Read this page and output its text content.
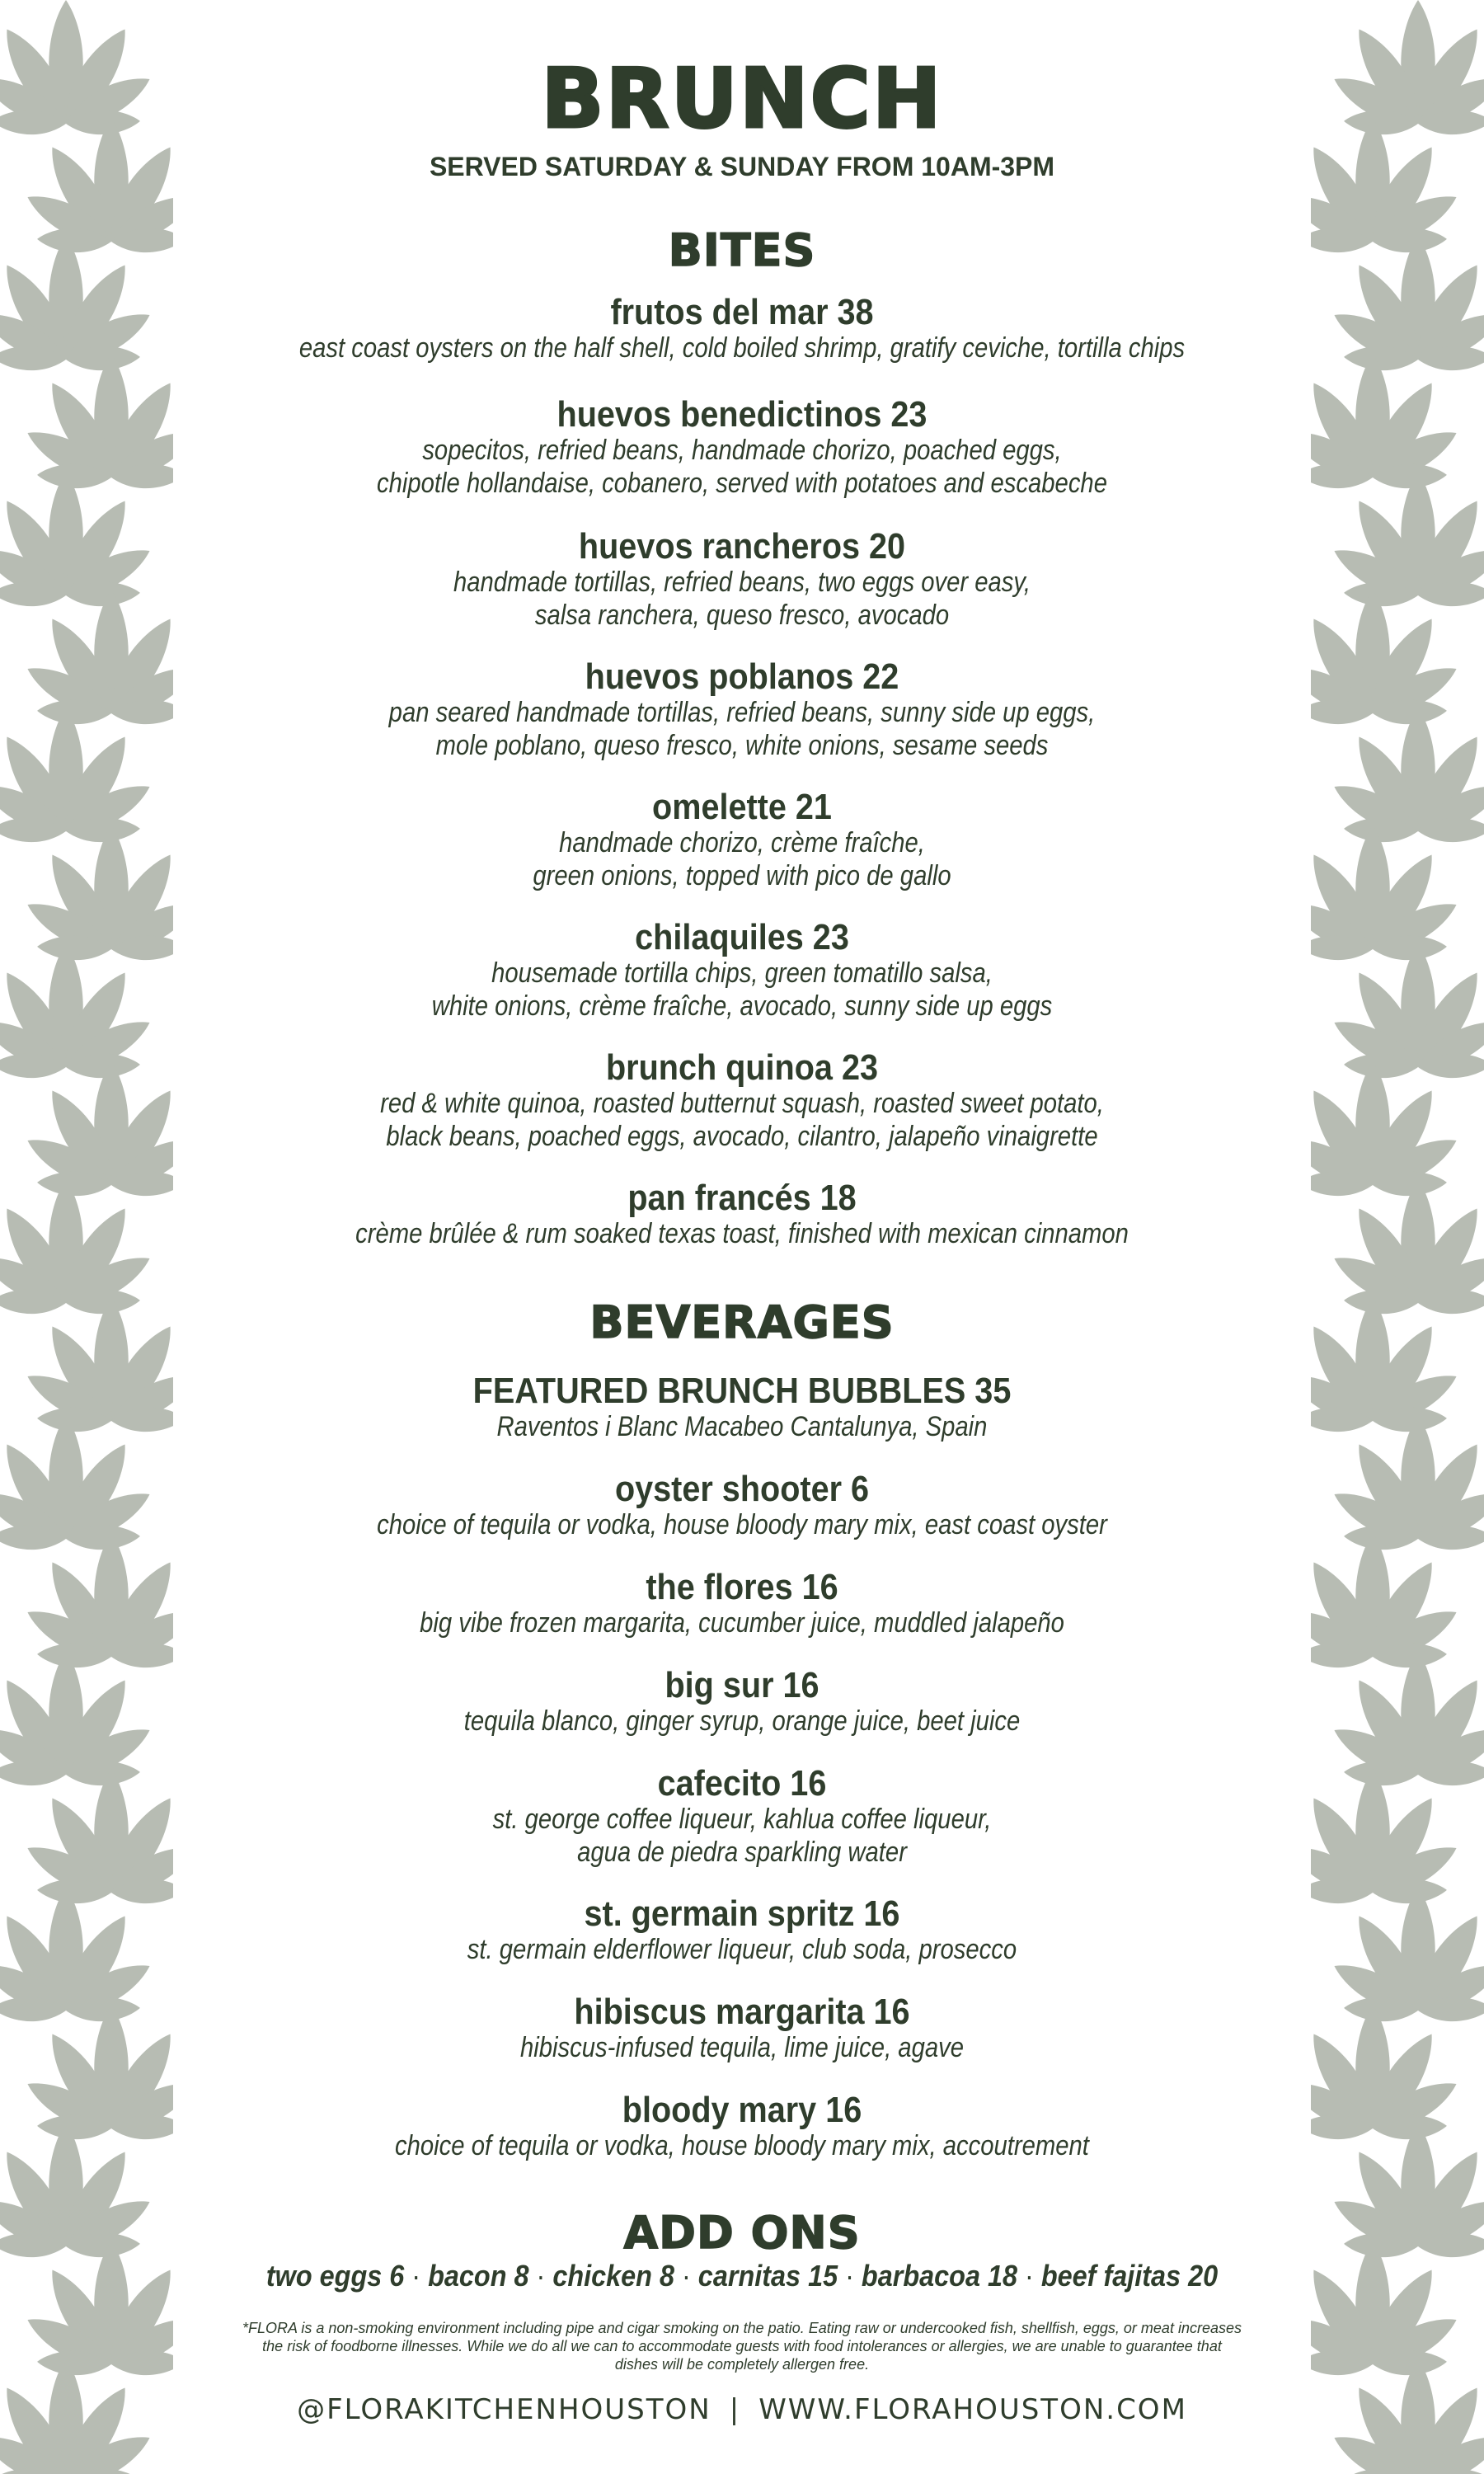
BRUNCH
SERVED SATURDAY & SUNDAY FROM 10AM-3PM
BITES
frutos del mar 38
east coast oysters on the half shell, cold boiled shrimp, gratify ceviche, tortilla chips
huevos benedictinos 23
sopecitos, refried beans, handmade chorizo, poached eggs,
chipotle hollandaise, cobanero, served with potatoes and escabeche
huevos rancheros 20
handmade tortillas, refried beans, two eggs over easy,
salsa ranchera, queso fresco, avocado
huevos poblanos 22
pan seared handmade tortillas, refried beans, sunny side up eggs,
mole poblano, queso fresco, white onions, sesame seeds
omelette 21
handmade chorizo, crème fraîche,
green onions, topped with pico de gallo
chilaquiles 23
housemade tortilla chips, green tomatillo salsa,
white onions, crème fraîche, avocado, sunny side up eggs
brunch quinoa 23
red & white quinoa, roasted butternut squash, roasted sweet potato,
black beans, poached eggs, avocado, cilantro, jalapeño vinaigrette
pan francés 18
crème brûlée & rum soaked texas toast, finished with mexican cinnamon
BEVERAGES
FEATURED BRUNCH BUBBLES 35
Raventos i Blanc Macabeo Cantalunya, Spain
oyster shooter 6
choice of tequila or vodka, house bloody mary mix, east coast oyster
the flores 16
big vibe frozen margarita, cucumber juice, muddled jalapeño
big sur 16
tequila blanco, ginger syrup, orange juice, beet juice
cafecito 16
st. george coffee liqueur, kahlua coffee liqueur,
agua de piedra sparkling water
st. germain spritz 16
st. germain elderflower liqueur, club soda, prosecco
hibiscus margarita 16
hibiscus-infused tequila, lime juice, agave
bloody mary 16
choice of tequila or vodka, house bloody mary mix, accoutrement
ADD ONS
two eggs 6 · bacon 8 · chicken 8 · carnitas 15 · barbacoa 18 · beef fajitas 20
*FLORA is a non-smoking environment including pipe and cigar smoking on the patio. Eating raw or undercooked fish, shellfish, eggs, or meat increases the risk of foodborne illnesses. While we do all we can to accommodate guests with food intolerances or allergies, we are unable to guarantee that dishes will be completely allergen free.
@FLORAKITCHENHOUSTON | WWW.FLORAHOUSTON.COM
